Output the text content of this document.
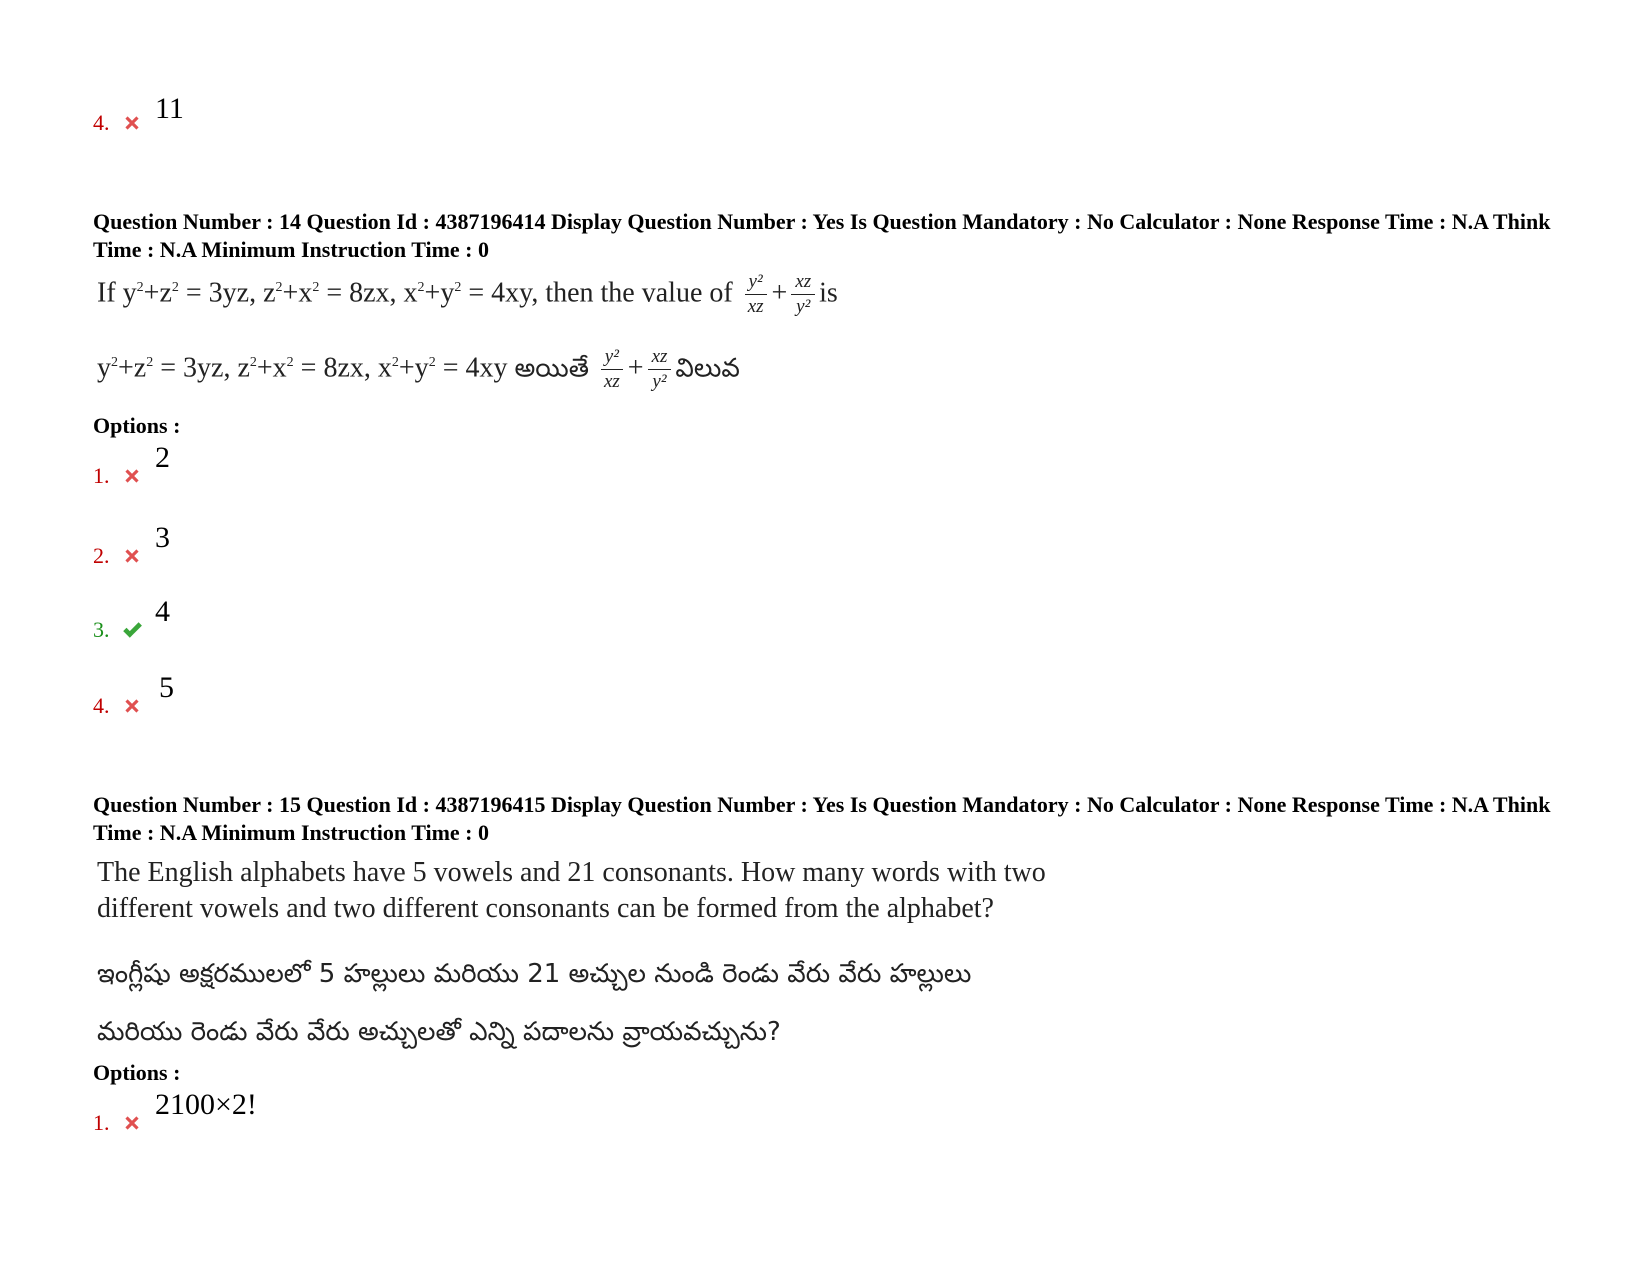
4.	11

Question Number : 14 Question Id : 4387196414 Display Question Number : Yes Is Question Mandatory : No Calculator : None Response Time : N.A Think Time : N.A Minimum Instruction Time : 0

If $y^2+z^2 = 3yz$, $z^2+x^2 = 8zx$, $x^2+y^2 = 4xy$, then the value of $\frac{\text{y²}}{xz} + \frac{xz}{\text{y²}}$ is
$y^2+z^2 = 3yz$, $z^2+x^2 = 8zx$, $x^2+y^2 = 4xy$ అయితే $\frac{\text{y²}}{xz} + \frac{xz}{\text{y²}}$ విలువ
Options :
1.
2
2.
3
3.
4
4.
5

Question Number : 15 Question Id : 4387196415 Display Question Number : Yes Is Question Mandatory : No Calculator : None Response Time : N.A Think Time : N.A Minimum Instruction Time : 0

The English alphabets have 5 vowels and 21 consonants. How many words with two
different vowels and two different consonants can be formed from the alphabet?
ఇంగ్లీషు అక్షరములలో 5 హల్లులు మరియు 21 అచ్చుల నుండి రెండు వేరు వేరు హల్లులు
మరియు రెండు వేరు వేరు అచ్చులతో ఎన్ని పదాలను వ్రాయవచ్చును?
Options :
1.
2100×2!
